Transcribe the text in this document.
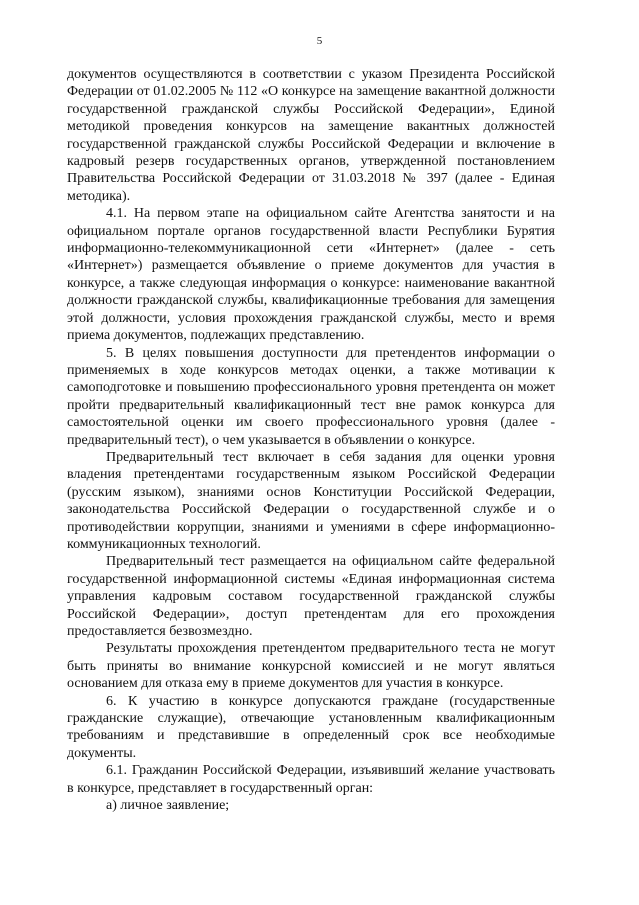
5

документов осуществляются в соответствии с указом Президента Российской Федерации от 01.02.2005 № 112 «О конкурсе на замещение вакантной должности государственной гражданской службы Российской Федерации», Единой методикой проведения конкурсов на замещение вакантных должностей государственной гражданской службы Российской Федерации и включение в кадровый резерв государственных органов, утвержденной постановлением Правительства Российской Федерации от 31.03.2018 № 397 (далее - Единая методика).

4.1. На первом этапе на официальном сайте Агентства занятости и на официальном портале органов государственной власти Республики Бурятия информационно-телекоммуникационной сети «Интернет» (далее - сеть «Интернет») размещается объявление о приеме документов для участия в конкурсе, а также следующая информация о конкурсе: наименование вакантной должности гражданской службы, квалификационные требования для замещения этой должности, условия прохождения гражданской службы, место и время приема документов, подлежащих представлению.

5. В целях повышения доступности для претендентов информации о применяемых в ходе конкурсов методах оценки, а также мотивации к самоподготовке и повышению профессионального уровня претендента он может пройти предварительный квалификационный тест вне рамок конкурса для самостоятельной оценки им своего профессионального уровня (далее - предварительный тест), о чем указывается в объявлении о конкурсе.

Предварительный тест включает в себя задания для оценки уровня владения претендентами государственным языком Российской Федерации (русским языком), знаниями основ Конституции Российской Федерации, законодательства Российской Федерации о государственной службе и о противодействии коррупции, знаниями и умениями в сфере информационно-коммуникационных технологий.

Предварительный тест размещается на официальном сайте федеральной государственной информационной системы «Единая информационная система управления кадровым составом государственной гражданской службы Российской Федерации», доступ претендентам для его прохождения предоставляется безвозмездно.

Результаты прохождения претендентом предварительного теста не могут быть приняты во внимание конкурсной комиссией и не могут являться основанием для отказа ему в приеме документов для участия в конкурсе.

6. К участию в конкурсе допускаются граждане (государственные гражданские служащие), отвечающие установленным квалификационным требованиям и представившие в определенный срок все необходимые документы.

6.1. Гражданин Российской Федерации, изъявивший желание участвовать в конкурсе, представляет в государственный орган:

а) личное заявление;
